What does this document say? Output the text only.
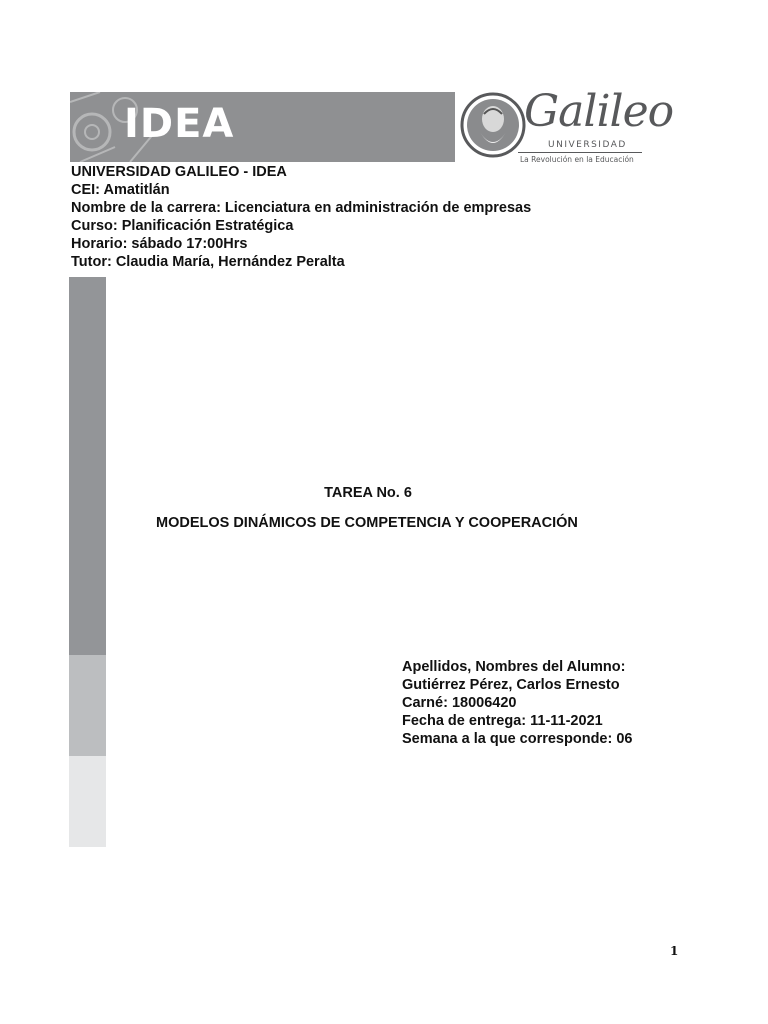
IDEA	Galileo
UNIVERSIDAD
La Revolución en la Educación
UNIVERSIDAD GALILEO - IDEA
CEI: Amatitlán
Nombre de la carrera: Licenciatura en administración de empresas
Curso: Planificación Estratégica
Horario: sábado 17:00Hrs
Tutor: Claudia María, Hernández Peralta
TAREA No. 6
MODELOS DINÁMICOS DE COMPETENCIA Y COOPERACIÓN
Apellidos, Nombres del Alumno:
Gutiérrez Pérez, Carlos Ernesto
Carné: 18006420
Fecha de entrega: 11-11-2021
Semana a la que corresponde: 06
1
